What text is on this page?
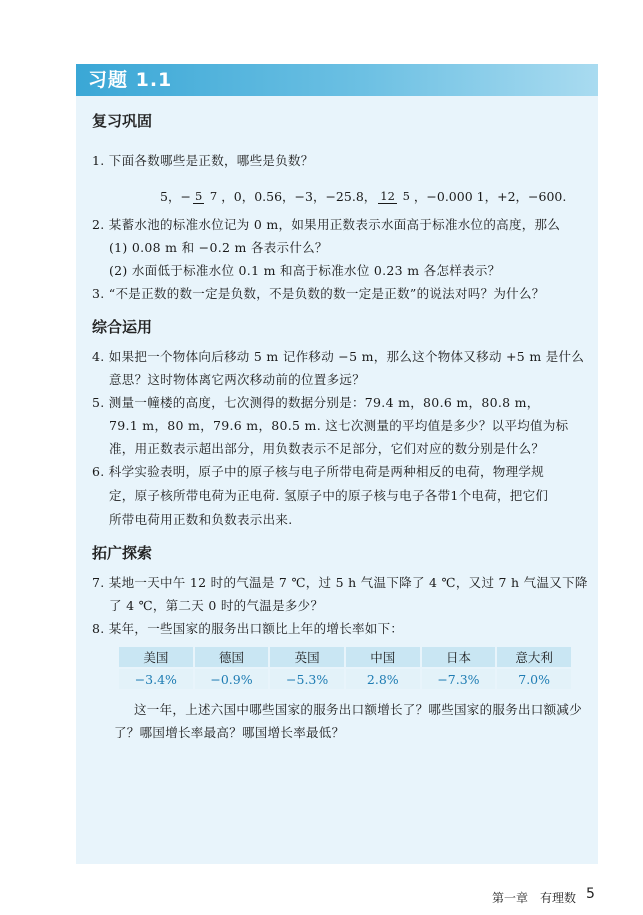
习题 1.1
复习巩固
1. 下面各数哪些是正数，哪些是负数？
5， − 5 7 ，0，0.56，−3，−25.8， 12 5 ，−0.000 1，+2，−600.
2. 某蓄水池的标准水位记为 0 m，如果用正数表示水面高于标准水位的高度，那么
(1) 0.08 m 和 −0.2 m 各表示什么？
(2) 水面低于标准水位 0.1 m 和高于标准水位 0.23 m 各怎样表示？
3. “不是正数的数一定是负数，不是负数的数一定是正数”的说法对吗？为什么？
综合运用
4. 如果把一个物体向后移动 5 m 记作移动 −5 m，那么这个物体又移动 +5 m 是什么
意思？这时物体离它两次移动前的位置多远？
5. 测量一幢楼的高度，七次测得的数据分别是：79.4 m，80.6 m，80.8 m，
79.1 m，80 m，79.6 m，80.5 m. 这七次测量的平均值是多少？以平均值为标
准，用正数表示超出部分，用负数表示不足部分，它们对应的数分别是什么？
6. 科学实验表明，原子中的原子核与电子所带电荷是两种相反的电荷，物理学规
定，原子核所带电荷为正电荷. 氢原子中的原子核与电子各带1个电荷，把它们
所带电荷用正数和负数表示出来.
拓广探索
7. 某地一天中午 12 时的气温是 7 ℃，过 5 h 气温下降了 4 ℃，又过 7 h 气温又下降
了 4 ℃，第二天 0 时的气温是多少？
8. 某年，一些国家的服务出口额比上年的增长率如下：
美国	德国	英国	中国	日本	意大利
−3.4%	−0.9%	−5.3%	2.8%	−7.3%	7.0%
这一年，上述六国中哪些国家的服务出口额增长了？哪些国家的服务出口额减少
了？哪国增长率最高？哪国增长率最低？
第一章　有理数 5
